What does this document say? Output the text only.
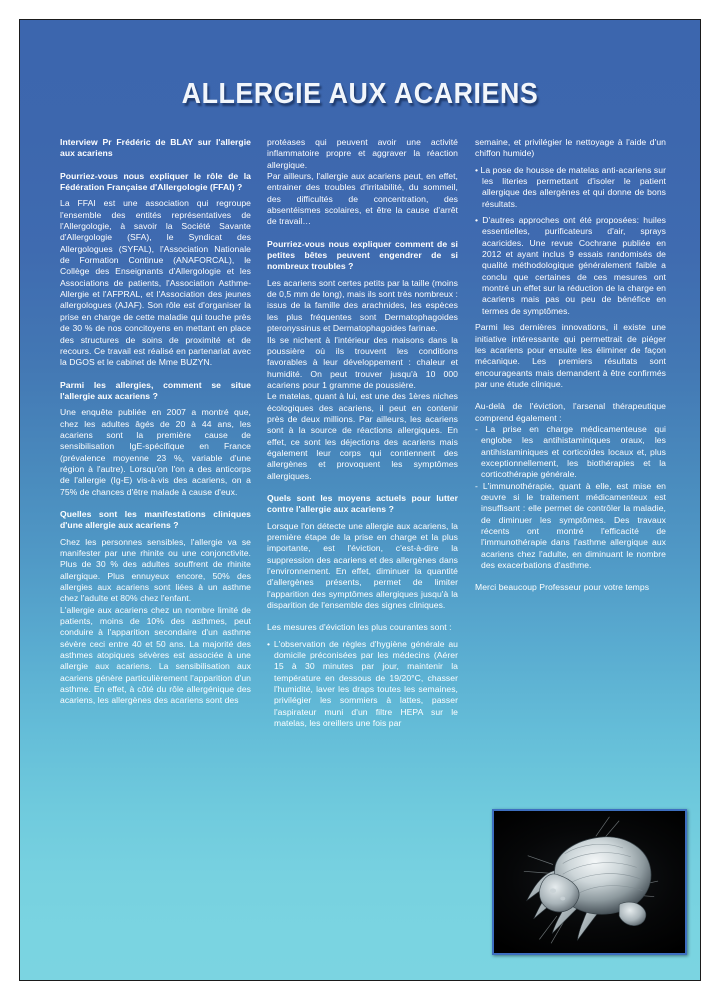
ALLERGIE AUX ACARIENS

Interview Pr Frédéric de BLAY sur l'allergie aux acariens

Pourriez-vous nous expliquer le rôle de la Fédération Française d'Allergologie (FFAI) ?

La FFAI est une association qui regroupe l'ensemble des entités représentatives de l'Allergologie, à savoir la Société Savante d'Allergologie (SFA), le Syndicat des Allergologues (SYFAL), l'Association Nationale de Formation Continue (ANAFORCAL), le Collège des Enseignants d'Allergologie et les Associations de patients, l'Association Asthme-Allergie et l'AFPRAL, et l'Association des jeunes allergologues (AJAF). Son rôle est d'organiser la prise en charge de cette maladie qui touche près de 30 % de nos concitoyens en mettant en place des structures de soins de proximité et de recours. Ce travail est réalisé en partenariat avec la DGOS et le cabinet de Mme BUZYN.

Parmi les allergies, comment se situe l'allergie aux acariens ?

Une enquête publiée en 2007 a montré que, chez les adultes âgés de 20 à 44 ans, les acariens sont la première cause de sensibilisation IgE-spécifique en France (prévalence moyenne 23 %, variable d'une région à l'autre). Lorsqu'on l'on a des anticorps de l'allergie (Ig-E) vis-à-vis des acariens, on a 75% de chances d'être malade à cause d'eux.

Quelles sont les manifestations cliniques d'une allergie aux acariens ?

Chez les personnes sensibles, l'allergie va se manifester par une rhinite ou une conjonctivite. Plus de 30 % des adultes souffrent de rhinite allergique. Plus ennuyeux encore, 50% des allergies aux acariens sont liées à un asthme chez l'adulte et 80% chez l'enfant.

L'allergie aux acariens chez un nombre limité de patients, moins de 10% des asthmes, peut conduire à l'apparition secondaire d'un asthme sévère ceci entre 40 et 50 ans. La majorité des asthmes atopiques sévères est associée à une allergie aux acariens. La sensibilisation aux acariens génère particulièrement l'apparition d'un asthme. En effet, à côté du rôle allergénique des acariens, les allergènes des acariens sont des

protéases qui peuvent avoir une activité inflammatoire propre et aggraver la réaction allergique.

Par ailleurs, l'allergie aux acariens peut, en effet, entrainer des troubles d'irritabilité, du sommeil, des difficultés de concentration, des absentéismes scolaires, et être la cause d'arrêt de travail…

Pourriez-vous nous expliquer comment de si petites bêtes peuvent engendrer de si nombreux troubles ?

Les acariens sont certes petits par la taille (moins de 0,5 mm de long), mais ils sont très nombreux : issus de la famille des arachnides, les espèces les plus fréquentes sont Dermatophagoides pteronyssinus et Dermatophagoides farinae.

Ils se nichent à l'intérieur des maisons dans la poussière où ils trouvent les conditions favorables à leur développement : chaleur et humidité. On peut trouver jusqu'à 10 000 acariens pour 1 gramme de poussière.

Le matelas, quant à lui, est une des 1ères niches écologiques des acariens, il peut en contenir près de deux millions. Par ailleurs, les acariens sont à la source de réactions allergiques. En effet, ce sont les déjections des acariens mais également leur corps qui contiennent des allergènes et provoquent les symptômes allergiques.

Quels sont les moyens actuels pour lutter contre l'allergie aux acariens ?

Lorsque l'on détecte une allergie aux acariens, la première étape de la prise en charge et la plus importante, est l'éviction, c'est-à-dire la suppression des acariens et des allergènes dans l'environnement. En effet, diminuer la quantité d'allergènes présents, permet de limiter l'apparition des symptômes allergiques jusqu'à la disparition de l'ensemble des signes cliniques.

Les mesures d'éviction les plus courantes sont :

• L'observation de règles d'hygiène générale au domicile préconisées par les médecins (Aérer 15 à 30 minutes par jour, maintenir la température en dessous de 19/20°C, chasser l'humidité, laver les draps toutes les semaines, privilégier les sommiers à lattes, passer l'aspirateur muni d'un filtre HEPA sur le matelas, les oreillers une fois par

semaine, et privilégier le nettoyage à l'aide d'un chiffon humide)

• La pose de housse de matelas anti-acariens sur les literies permettant d'isoler le patient allergique des allergènes et qui donne de bons résultats.

• D'autres approches ont été proposées: huiles essentielles, purificateurs d'air, sprays acaricides. Une revue Cochrane publiée en 2012 et ayant inclus 9 essais randomisés de qualité méthodologique généralement faible a conclu que certaines de ces mesures ont montré un effet sur la réduction de la charge en acariens mais pas ou peu de bénéfice en termes de symptômes.

Parmi les dernières innovations, il existe une initiative intéressante qui permettrait de piéger les acariens pour ensuite les éliminer de façon mécanique. Les premiers résultats sont encourageants mais demandent à être confirmés par une étude clinique.

Au-delà de l'éviction, l'arsenal thérapeutique comprend également :

- La prise en charge médicamenteuse qui englobe les antihistaminiques oraux, les antihistaminiques et corticoïdes locaux et, plus exceptionnellement, les biothérapies et la corticothérapie générale.

- L'immunothérapie, quant à elle, est mise en œuvre si le traitement médicamenteux est insuffisant : elle permet de contrôler la maladie, de diminuer les symptômes. Des travaux récents ont montré l'efficacité de l'immunothérapie dans l'asthme allergique aux acariens chez l'adulte, en diminuant le nombre des exacerbations d'asthme.

Merci beaucoup Professeur pour votre temps
